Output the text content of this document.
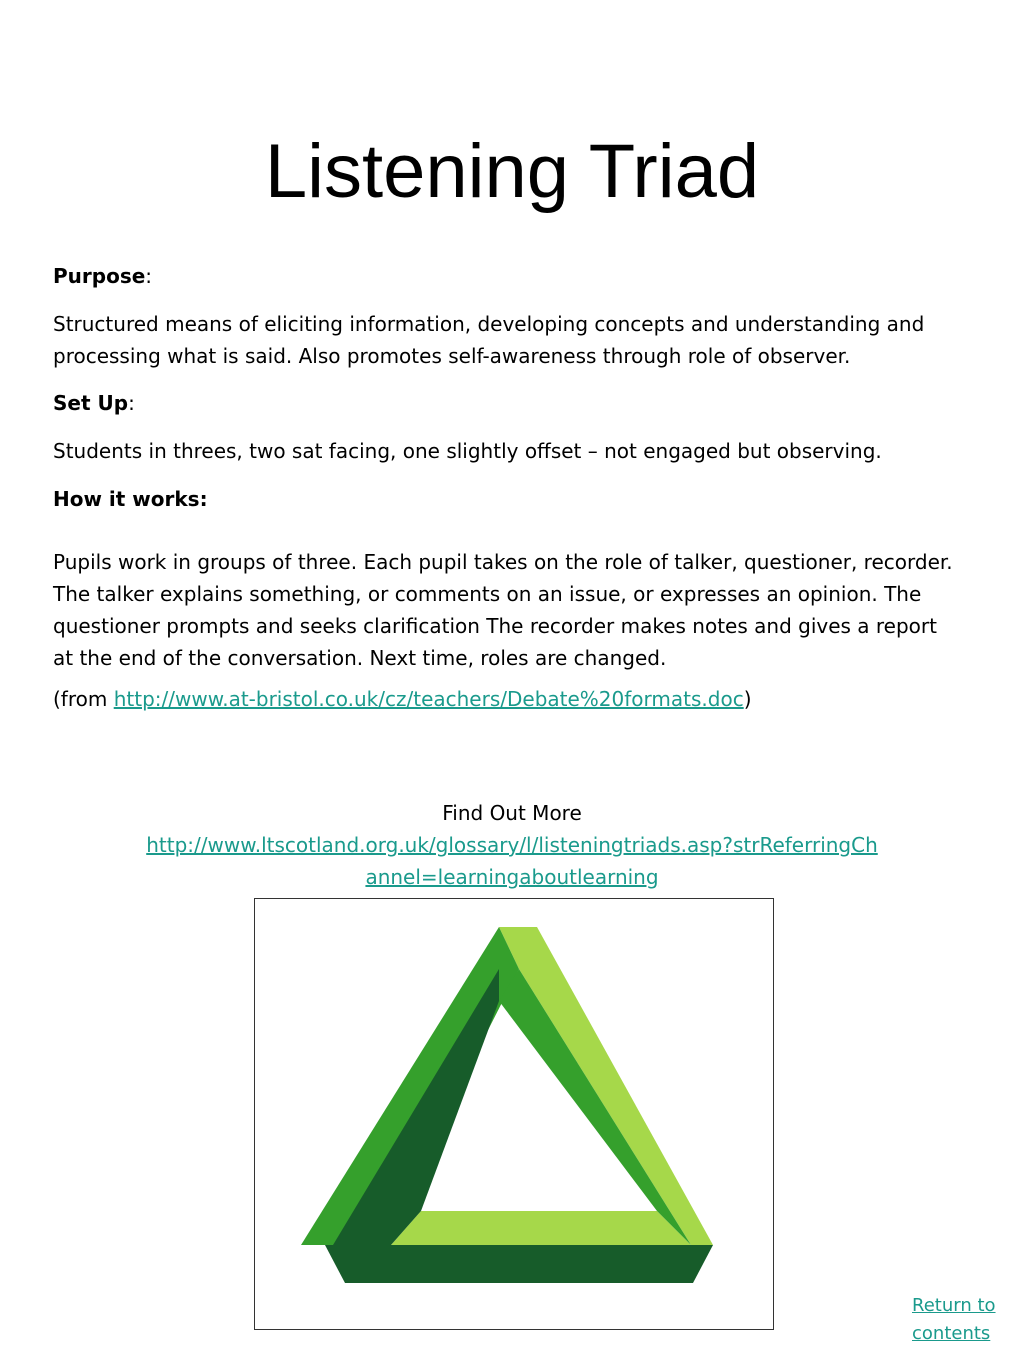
Listening Triad

Purpose:

Structured means of eliciting information, developing concepts and understanding and processing what is said. Also promotes self-awareness through role of observer.

Set Up:

Students in threes, two sat facing, one slightly offset – not engaged but observing.

How it works:

Pupils work in groups of three. Each pupil takes on the role of talker, questioner, recorder. The talker explains something, or comments on an issue, or expresses an opinion. The questioner prompts and seeks clarification The recorder makes notes and gives a report at the end of the conversation. Next time, roles are changed.

(from http://www.at-bristol.co.uk/cz/teachers/Debate%20formats.doc)

Find Out More
http://www.ltscotland.org.uk/glossary/l/listeningtriads.asp?strReferringCh
annel=learningaboutlearning
Return to
contents
